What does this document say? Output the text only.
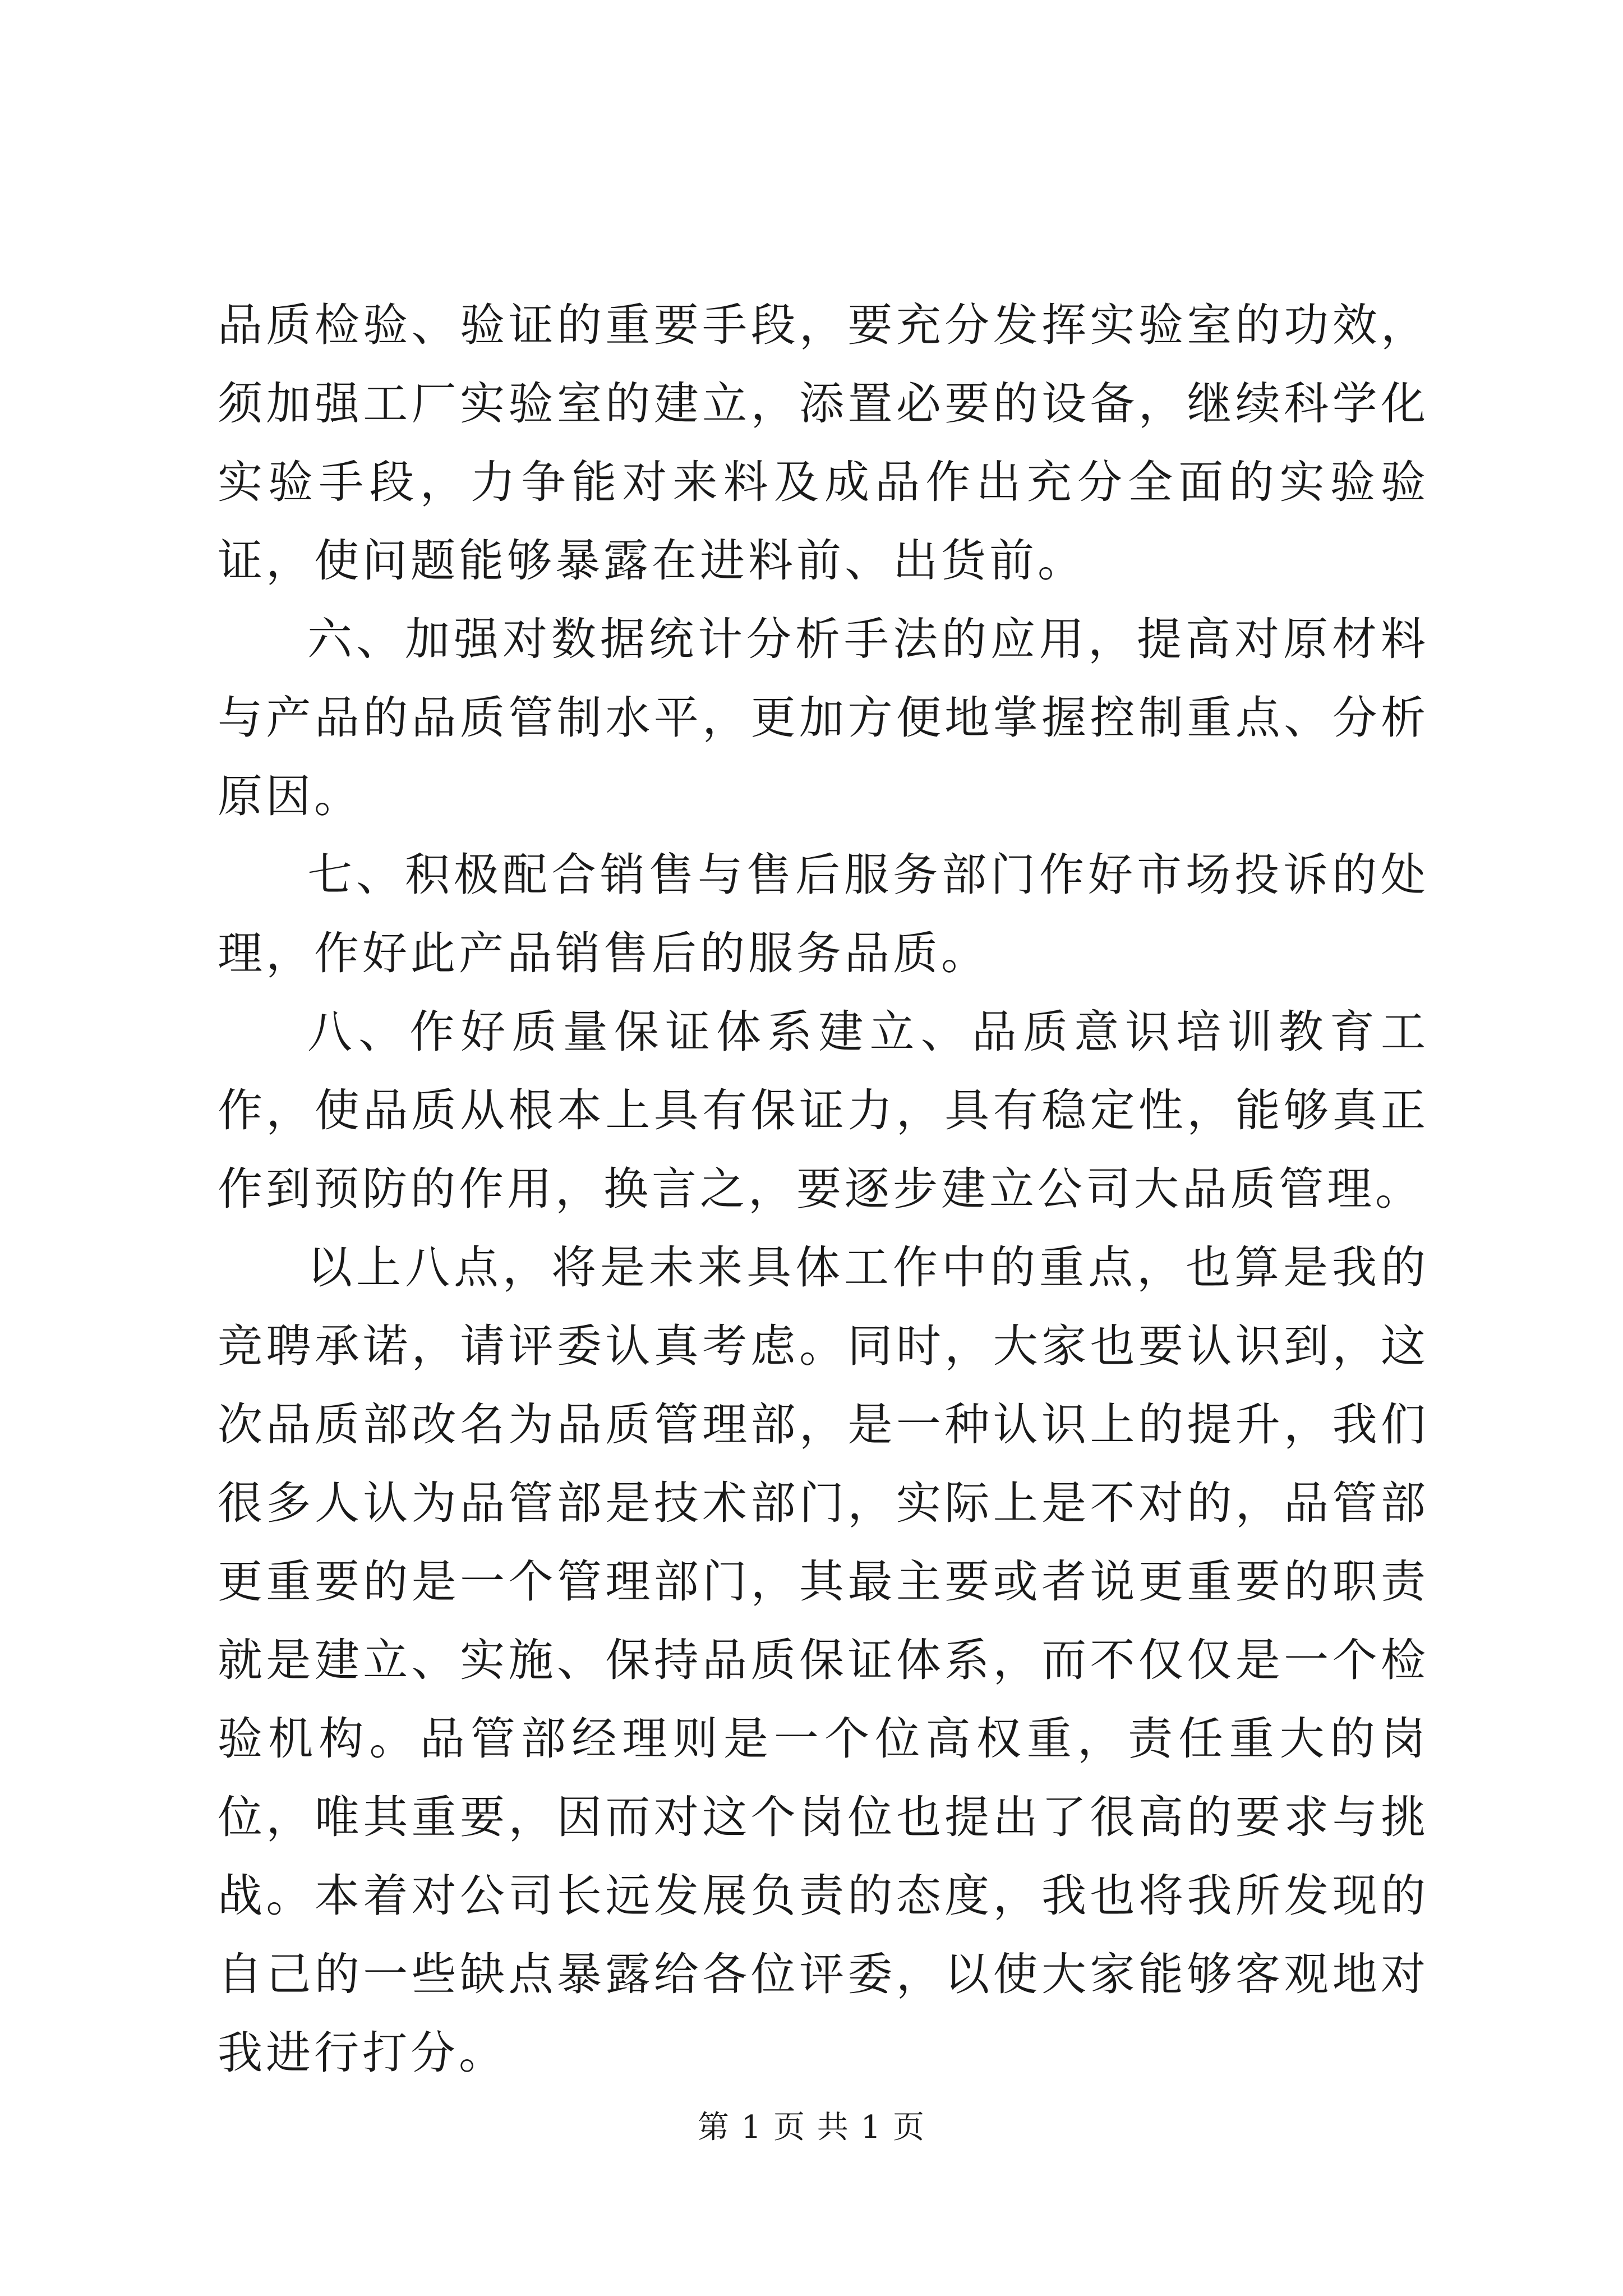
品质检验、验证的重要手段，要充分发挥实验室的功效，须加强工厂实验室的建立，添置必要的设备，继续科学化实验手段，力争能对来料及成品作出充分全面的实验验证，使问题能够暴露在进料前、出货前。

六、加强对数据统计分析手法的应用，提高对原材料与产品的品质管制水平，更加方便地掌握控制重点、分析原因。

七、积极配合销售与售后服务部门作好市场投诉的处理，作好此产品销售后的服务品质。

八、作好质量保证体系建立、品质意识培训教育工作，使品质从根本上具有保证力，具有稳定性，能够真正作到预防的作用，换言之，要逐步建立公司大品质管理。

以上八点，将是未来具体工作中的重点，也算是我的竞聘承诺，请评委认真考虑。同时，大家也要认识到，这次品质部改名为品质管理部，是一种认识上的提升，我们很多人认为品管部是技术部门，实际上是不对的，品管部更重要的是一个管理部门，其最主要或者说更重要的职责就是建立、实施、保持品质保证体系，而不仅仅是一个检验机构。品管部经理则是一个位高权重，责任重大的岗位，唯其重要，因而对这个岗位也提出了很高的要求与挑战。本着对公司长远发展负责的态度，我也将我所发现的自己的一些缺点暴露给各位评委，以使大家能够客观地对我进行打分。

第 1 页 共 1 页
